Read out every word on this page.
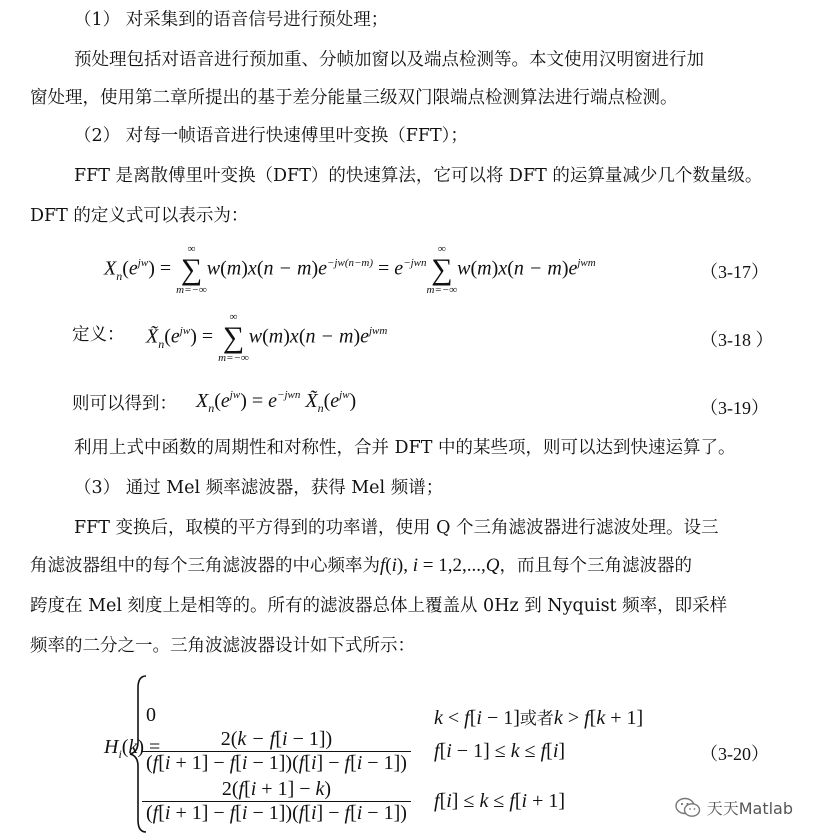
（1） 对采集到的语音信号进行预处理；
预处理包括对语音进行预加重、分帧加窗以及端点检测等。本文使用汉明窗进行加
窗处理，使用第二章所提出的基于差分能量三级双门限端点检测算法进行端点检测。
（2） 对每一帧语音进行快速傅里叶变换（FFT）；
FFT 是离散傅里叶变换（DFT）的快速算法，它可以将 DFT 的运算量减少几个数量级。
DFT 的定义式可以表示为：
$X_n(e^{jw})$ =
∞
∑
m=−∞
$w(m)x(n - m)e^{-jw(n-m)} = e^{-jwn}$
∞
∑
m=−∞
$w(m)x(n - m)e^{jwm}$	（3-17）
定义： $X̃_n(e^{jw})$ =
∞
∑
m=−∞
$w(m)x(n - m)e^{jwm}$	（3-18 ）
则可以得到： $X_n(e^{jw}) = e^{-jwn}$ $X̃_n(e^{jw})$	（3-19）
利用上式中函数的周期性和对称性，合并 DFT 中的某些项，则可以达到快速运算了。
（3） 通过 Mel 频率滤波器，获得 Mel 频谱；
FFT 变换后，取模的平方得到的功率谱，使用 Q 个三角滤波器进行滤波处理。设三
角滤波器组中的每个三角滤波器的中心频率为f(i), i = 1,2,...,Q，而且每个三角滤波器的
跨度在 Mel 刻度上是相等的。所有的滤波器总体上覆盖从 0Hz 到 Nyquist 频率，即采样
频率的二分之一。三角波滤波器设计如下式所示：
$H_i(k)$ =
0	k < f[i − 1]或者k > f[k + 1]
$\frac{2(k - f[i - 1])}{(f[i + 1] - f[i - 1])(f[i] - f[i - 1])} f[i - 1] \le k \le f[i]$
$\frac{2(f[i + 1] - k)}{(f[i + 1] - f[i - 1])(f[i] - f[i - 1])} f[i] \le k \le f[i + 1]$
（3-20）
天天Matlab
